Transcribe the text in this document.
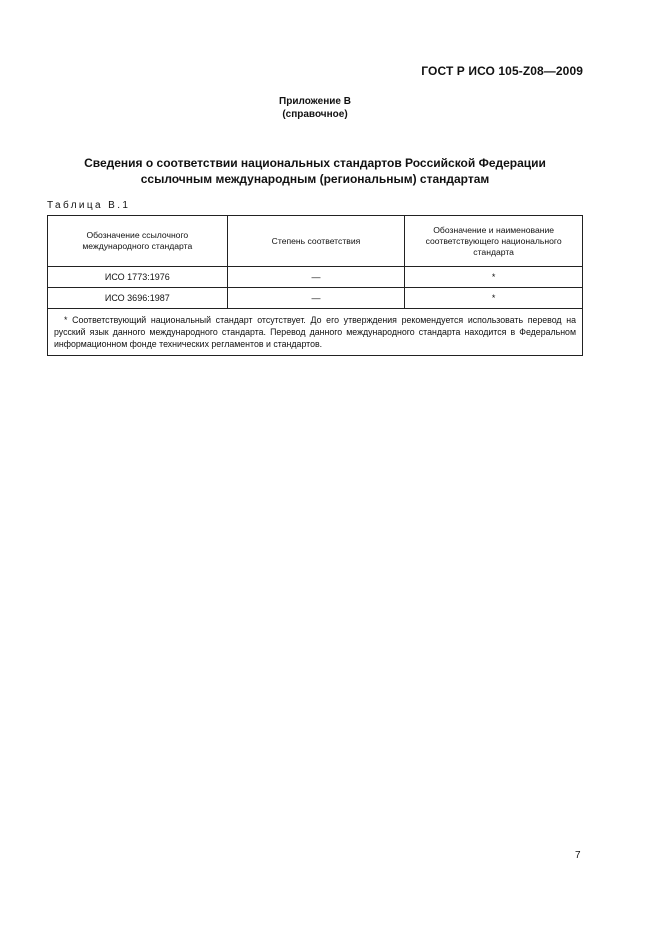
ГОСТ Р ИСО 105-Z08—2009
Приложение В
(справочное)
Сведения о соответствии национальных стандартов Российской Федерации
ссылочным международным (региональным) стандартам
Таблица В.1
Обозначение ссылочного международного стандарта	Степень соответствия	Обозначение и наименование соответствующего национального стандарта
ИСО 1773:1976	—	*
ИСО 3696:1987	—	*
* Соответствующий национальный стандарт отсутствует. До его утверждения рекомендуется использовать перевод на русский язык данного международного стандарта. Перевод данного международного стандарта находится в Федеральном информационном фонде технических регламентов и стандартов.		
7
